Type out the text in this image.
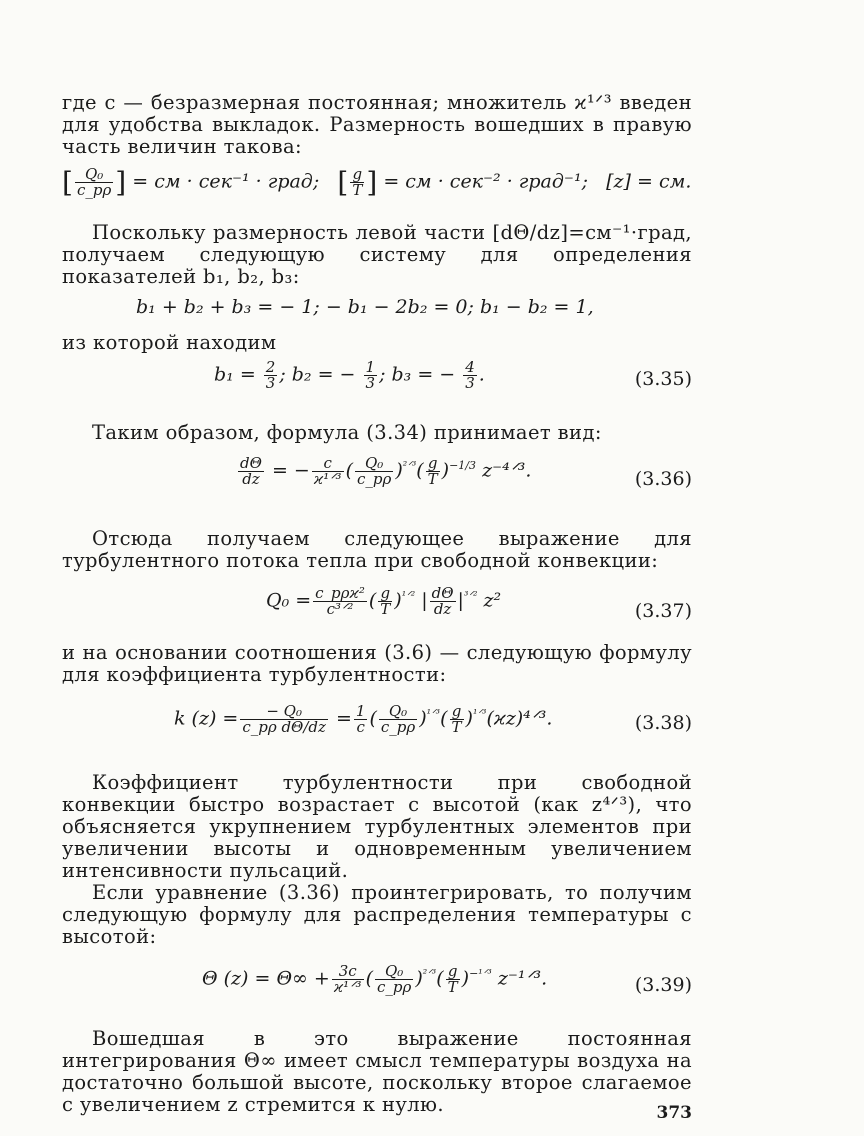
где c — безразмерная постоянная; множитель ϰ¹ᐟ³ введен для удобства выкладок. Размерность вошедших в правую часть величин такова:

[ $\frac{\text{Q₀}}{c\_p\rho}$ ] = см · сек⁻¹ · град; [ $\frac{g}{T}$ ] = см · сек⁻² · град⁻¹; [z] = см.

Поскольку размерность левой части [dΘ/dz]=см⁻¹·град, получаем следующую систему для определения показателей b₁, b₂, b₃:

b₁ + b₂ + b₃ = − 1; − b₁ − 2b₂ = 0; b₁ − b₂ = 1,

из которой находим

$b_1 = \frac{2}{3}$ ; b₂ = − $\frac{1}{3}$ ; b₃ = − $\frac{4}{3}$ .	(3.35)

Таким образом, формула (3.34) принимает вид:

$\frac{d\Theta}{dz}$ = − $\frac{c}{\text{ϰ¹ᐟ³}}$ ( $\frac{\text{Q₀}}{c\_p\rho} )^{^2ᐟ^3}( \frac{g}{T} )^{-1/3}$ z⁻⁴ᐟ³.	(3.36)

Отсюда получаем следующее выражение для турбулентного потока тепла при свободной конвекции:

$Q_0 = \frac{\text{c\_pρϰ²}}{\text{c³ᐟ²}}$ ( $\frac{g}{T} )^{^1ᐟ^2}$ | $\frac{d\Theta}{dz} |^{^3ᐟ^2}$ z²	(3.37)

и на основании соотношения (3.6) — следующую формулу для коэффициента турбулентности:

k $(z) = \frac{\text{− Q₀}}{\text{c\_pρ dΘ/dz}} = \frac{1}{c}$ ( $\frac{\text{Q₀}}{c\_p\rho} )^{^1ᐟ^3}( \frac{g}{T}$ )$^{^1ᐟ^3}(ϰz)^4ᐟ^3$.	(3.38)

Коэффициент турбулентности при свободной конвекции быстро возрастает с высотой (как z⁴ᐟ³), что объясняется укрупнением турбулентных элементов при увеличении высоты и одновременным увеличением интенсивности пульсаций.

Если уравнение (3.36) проинтегрировать, то получим следующую формулу для распределения температуры с высотой:

Θ $(z) = \Theta\infty + \frac{3c}{\text{ϰ¹ᐟ³}}$ ( $\frac{\text{Q₀}}{c\_p\rho} )^{^2ᐟ^3}( \frac{g}{T} )^{-^1ᐟ^3}$ z⁻¹ᐟ³.	(3.39)

Вошедшая в это выражение постоянная интегрирования Θ∞ имеет смысл температуры воздуха на достаточно большой высоте, поскольку второе слагаемое с увеличением z стремится к нулю.	373
